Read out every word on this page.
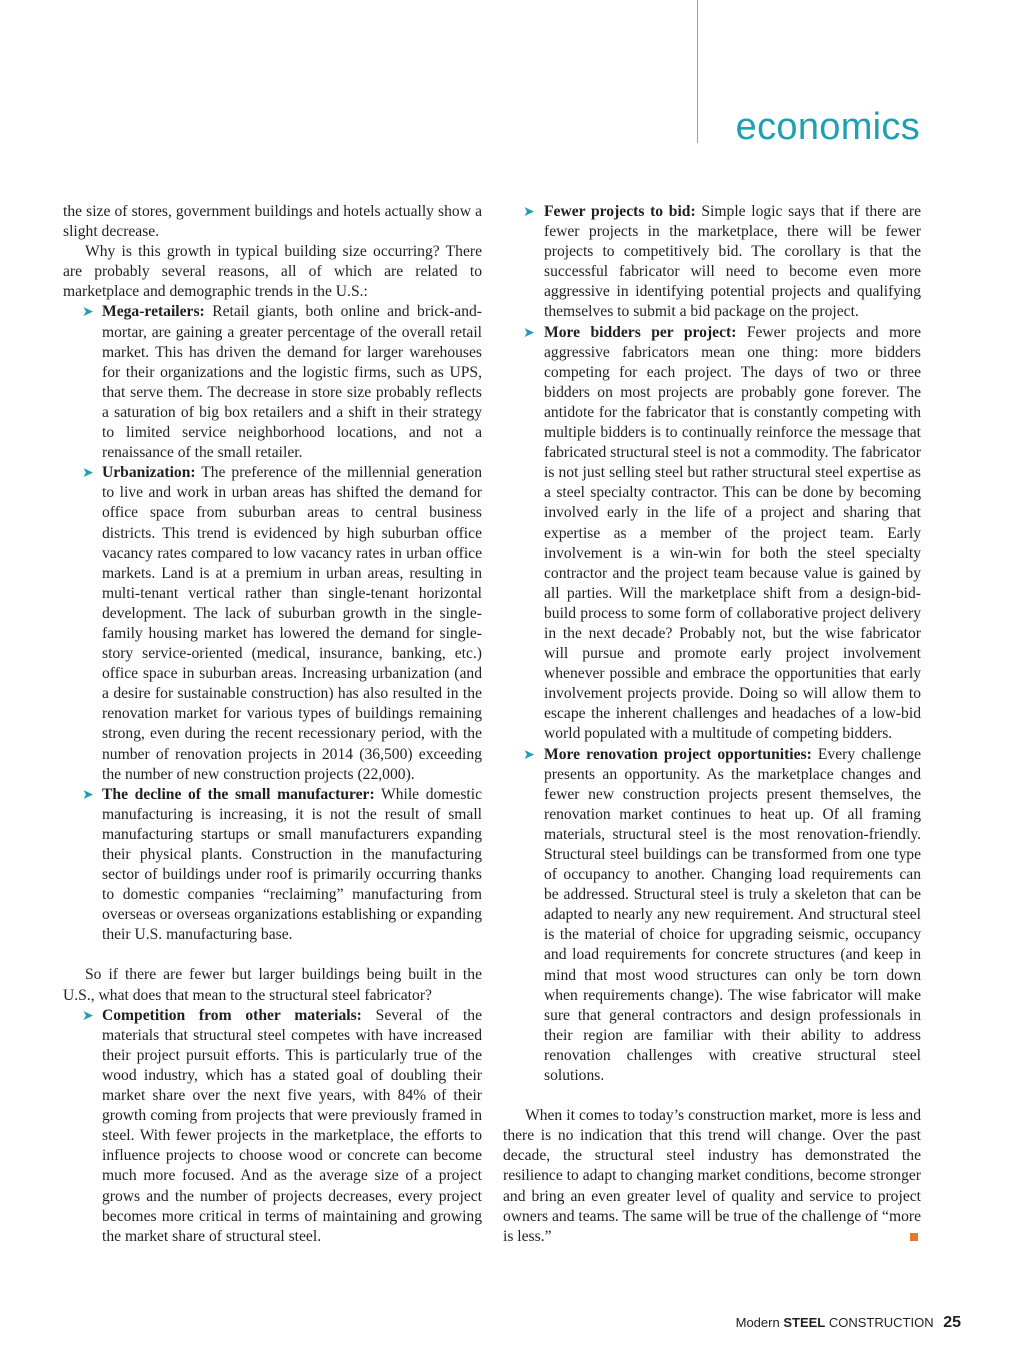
economics

the size of stores, government buildings and hotels actually show a slight decrease.

Why is this growth in typical building size occurring? There are probably several reasons, all of which are related to marketplace and demographic trends in the U.S.:

➤ Mega-retailers: Retail giants, both online and brick-and-mortar, are gaining a greater percentage of the overall retail market. This has driven the demand for larger warehouses for their organizations and the logistic firms, such as UPS, that serve them. The decrease in store size probably reflects a saturation of big box retailers and a shift in their strategy to limited service neighborhood locations, and not a renaissance of the small retailer.
➤ Urbanization: The preference of the millennial generation to live and work in urban areas has shifted the demand for office space from suburban areas to central business districts. This trend is evidenced by high suburban office vacancy rates compared to low vacancy rates in urban office markets. Land is at a premium in urban areas, resulting in multi-tenant vertical rather than single-tenant horizontal development. The lack of suburban growth in the single-family housing market has lowered the demand for single-story service-oriented (medical, insurance, banking, etc.) office space in suburban areas. Increasing urbanization (and a desire for sustainable construction) has also resulted in the renovation market for various types of buildings remaining strong, even during the recent recessionary period, with the number of renovation projects in 2014 (36,500) exceeding the number of new construction projects (22,000).
➤ The decline of the small manufacturer: While domestic manufacturing is increasing, it is not the result of small manufacturing startups or small manufacturers expanding their physical plants. Construction in the manufacturing sector of buildings under roof is primarily occurring thanks to domestic companies “reclaiming” manufacturing from overseas or overseas organizations establishing or expanding their U.S. manufacturing base.

So if there are fewer but larger buildings being built in the U.S., what does that mean to the structural steel fabricator?

➤ Competition from other materials: Several of the materials that structural steel competes with have increased their project pursuit efforts. This is particularly true of the wood industry, which has a stated goal of doubling their market share over the next five years, with 84% of their growth coming from projects that were previously framed in steel. With fewer projects in the marketplace, the efforts to influence projects to choose wood or concrete can become much more focused. And as the average size of a project grows and the number of projects decreases, every project becomes more critical in terms of maintaining and growing the market share of structural steel.
➤ Fewer projects to bid: Simple logic says that if there are fewer projects in the marketplace, there will be fewer projects to competitively bid. The corollary is that the successful fabricator will need to become even more aggressive in identifying potential projects and qualifying themselves to submit a bid package on the project.
➤ More bidders per project: Fewer projects and more aggressive fabricators mean one thing: more bidders competing for each project. The days of two or three bidders on most projects are probably gone forever. The antidote for the fabricator that is constantly competing with multiple bidders is to continually reinforce the message that fabricated structural steel is not a commodity. The fabricator is not just selling steel but rather structural steel expertise as a steel specialty contractor. This can be done by becoming involved early in the life of a project and sharing that expertise as a member of the project team. Early involvement is a win-win for both the steel specialty contractor and the project team because value is gained by all parties. Will the marketplace shift from a design-bid-build process to some form of collaborative project delivery in the next decade? Probably not, but the wise fabricator will pursue and promote early project involvement whenever possible and embrace the opportunities that early involvement projects provide. Doing so will allow them to escape the inherent challenges and headaches of a low-bid world populated with a multitude of competing bidders.
➤ More renovation project opportunities: Every challenge presents an opportunity. As the marketplace changes and fewer new construction projects present themselves, the renovation market continues to heat up. Of all framing materials, structural steel is the most renovation-friendly. Structural steel buildings can be transformed from one type of occupancy to another. Changing load requirements can be addressed. Structural steel is truly a skeleton that can be adapted to nearly any new requirement. And structural steel is the material of choice for upgrading seismic, occupancy and load requirements for concrete structures (and keep in mind that most wood structures can only be torn down when requirements change). The wise fabricator will make sure that general contractors and design professionals in their region are familiar with their ability to address renovation challenges with creative structural steel solutions.

When it comes to today’s construction market, more is less and there is no indication that this trend will change. Over the past decade, the structural steel industry has demonstrated the resilience to adapt to changing market conditions, become stronger and bring an even greater level of quality and service to project owners and teams. The same will be true of the challenge of “more is less.”

Modern STEEL CONSTRUCTION 25
